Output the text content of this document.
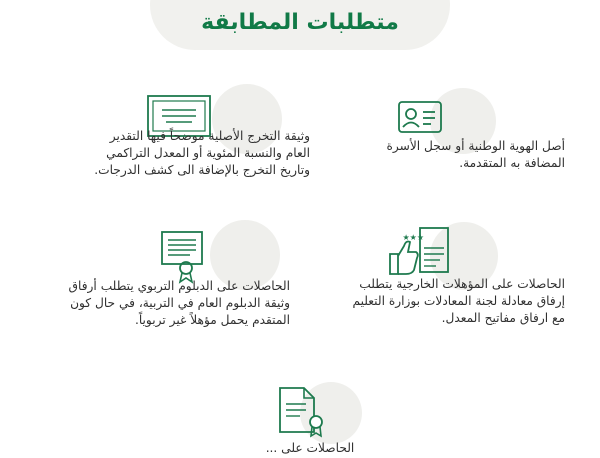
متطلبات المطابقة
أصل الهوية الوطنية أو سجل الأسرة المضافة به المتقدمة.
وثيقة التخرج الأصلية موضحاً فيها التقدير العام والنسبة المئوية أو المعدل التراكمي وتاريخ التخرج بالإضافة الى كشف الدرجات.
★★★
الحاصلات على المؤهلات الخارجية يتطلب إرفاق معادلة لجنة المعادلات بوزارة التعليم مع ارفاق مفاتيح المعدل.
الحاصلات على الدبلوم التربوي يتطلب أرفاق وثيقة الدبلوم العام في التربية، في حال كون المتقدم يحمل مؤهلاً غير تربوياً.
الحاصلات على ...
